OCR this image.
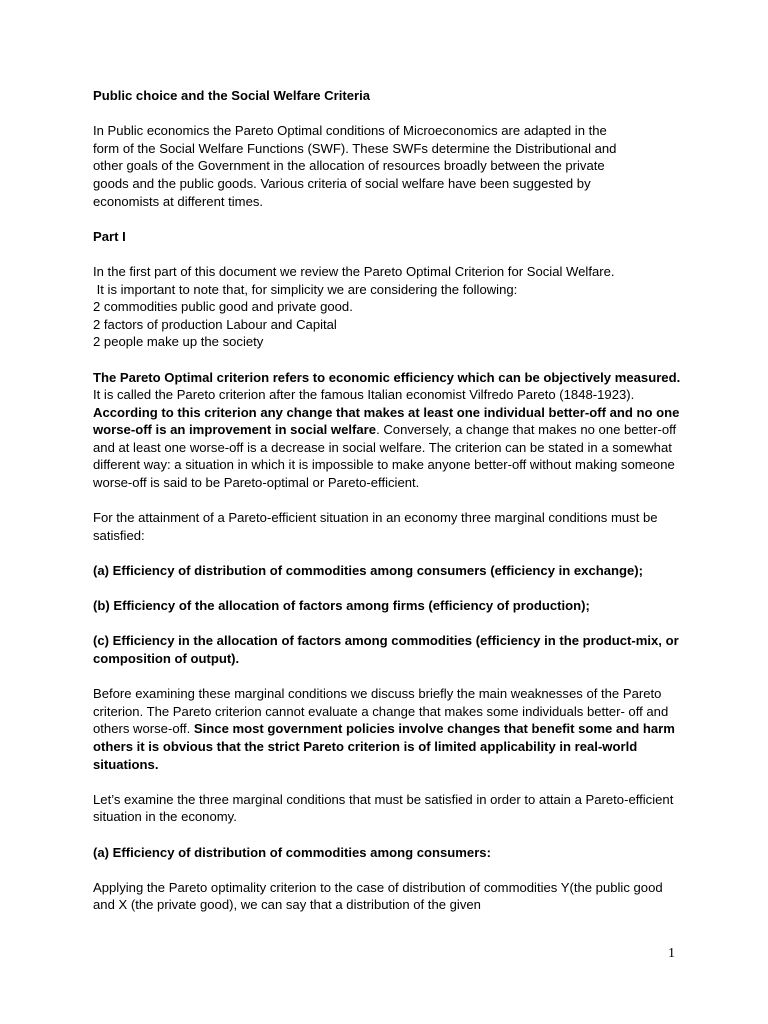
Public choice and the Social Welfare Criteria

In Public economics the Pareto Optimal conditions of Microeconomics are adapted in the
form of the Social Welfare Functions (SWF). These SWFs determine the Distributional and
other goals of the Government in the allocation of resources broadly between the private
goods and the public goods. Various criteria of social welfare have been suggested by
economists at different times.

Part I

In the first part of this document we review the Pareto Optimal Criterion for Social Welfare.
It is important to note that, for simplicity we are considering the following:
2 commodities public good and private good.
2 factors of production Labour and Capital
2 people make up the society

The Pareto Optimal criterion refers to economic efficiency which can be objectively measured. It is called the Pareto criterion after the famous Italian economist Vilfredo Pareto (1848-1923). According to this criterion any change that makes at least one individual better-off and no one worse-off is an improvement in social welfare. Conversely, a change that makes no one better-off and at least one worse-off is a decrease in social welfare. The criterion can be stated in a somewhat different way: a situation in which it is impossible to make anyone better-off without making someone worse-off is said to be Pareto-optimal or Pareto-efficient.

For the attainment of a Pareto-efficient situation in an economy three marginal conditions must be satisfied:

(a) Efficiency of distribution of commodities among consumers (efficiency in exchange);

(b) Efficiency of the allocation of factors among firms (efficiency of production);

(c) Efficiency in the allocation of factors among commodities (efficiency in the product-mix, or composition of output).

Before examining these marginal conditions we discuss briefly the main weaknesses of the Pareto criterion. The Pareto criterion cannot evaluate a change that makes some individuals better- off and others worse-off. Since most government policies involve changes that benefit some and harm others it is obvious that the strict Pareto criterion is of limited applicability in real-world situations.

Let’s examine the three marginal conditions that must be satisfied in order to attain a Pareto-efficient situation in the economy.

(a) Efficiency of distribution of commodities among consumers:

Applying the Pareto optimality criterion to the case of distribution of commodities Y(the public good and X (the private good), we can say that a distribution of the given

1
